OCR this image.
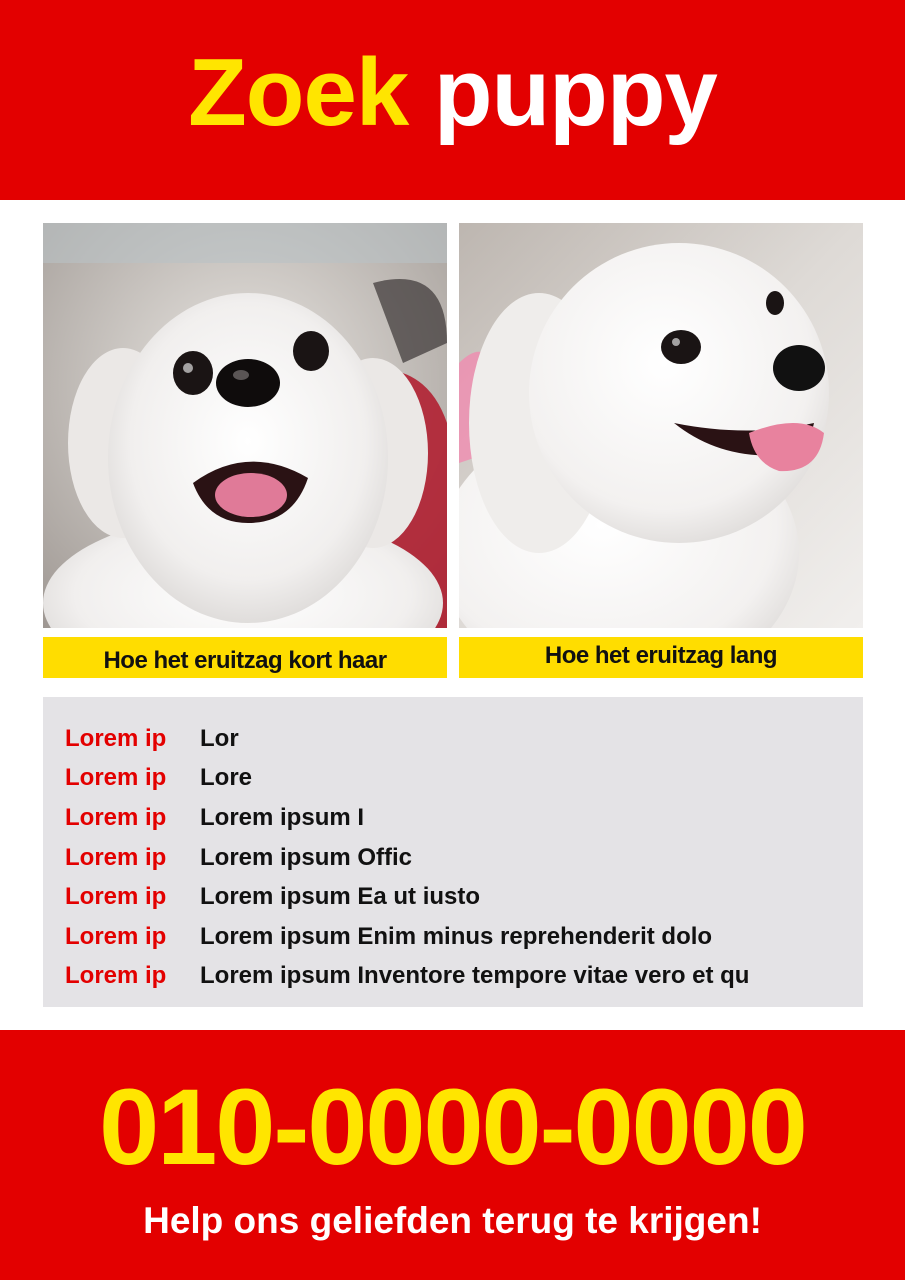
Zoek puppy
Hoe het eruitzag kort haar	Hoe het eruitzag lang
Lorem ip	Lor
Lorem ip	Lore
Lorem ip	Lorem ipsum I
Lorem ip	Lorem ipsum Offic
Lorem ip	Lorem ipsum Ea ut iusto
Lorem ip	Lorem ipsum Enim minus reprehenderit dolo
Lorem ip	Lorem ipsum Inventore tempore vitae vero et qu
010-0000-0000
Help ons geliefden terug te krijgen!
